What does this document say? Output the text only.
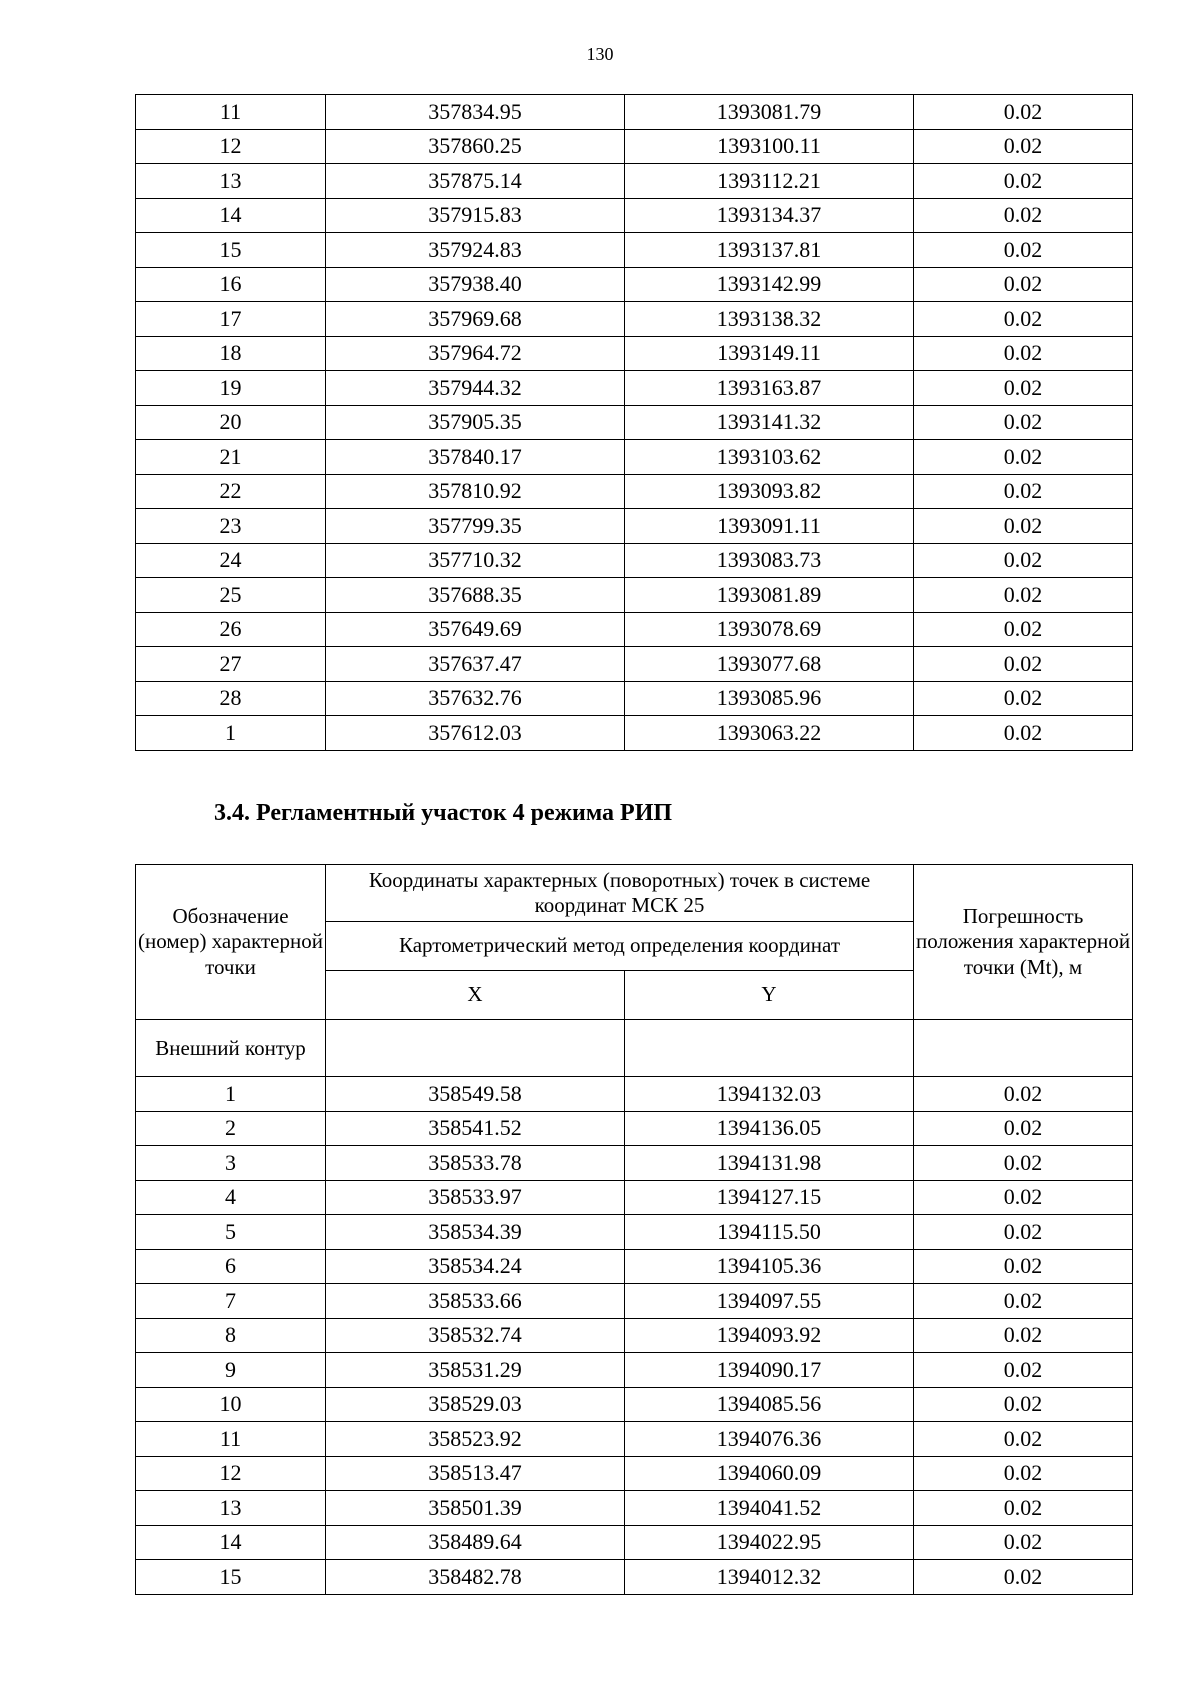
130
11	357834.95	1393081.79	0.02
12	357860.25	1393100.11	0.02
13	357875.14	1393112.21	0.02
14	357915.83	1393134.37	0.02
15	357924.83	1393137.81	0.02
16	357938.40	1393142.99	0.02
17	357969.68	1393138.32	0.02
18	357964.72	1393149.11	0.02
19	357944.32	1393163.87	0.02
20	357905.35	1393141.32	0.02
21	357840.17	1393103.62	0.02
22	357810.92	1393093.82	0.02
23	357799.35	1393091.11	0.02
24	357710.32	1393083.73	0.02
25	357688.35	1393081.89	0.02
26	357649.69	1393078.69	0.02
27	357637.47	1393077.68	0.02
28	357632.76	1393085.96	0.02
1	357612.03	1393063.22	0.02
3.4. Регламентный участок 4 режима РИП
Обозначение (номер) характерной точки	Координаты характерных (поворотных) точек в системе координат МСК 25		Погрешность положения характерной точки (Mt), м
	Картометрический метод определения координат		
	X	Y	
Внешний контур			
1	358549.58	1394132.03	0.02
2	358541.52	1394136.05	0.02
3	358533.78	1394131.98	0.02
4	358533.97	1394127.15	0.02
5	358534.39	1394115.50	0.02
6	358534.24	1394105.36	0.02
7	358533.66	1394097.55	0.02
8	358532.74	1394093.92	0.02
9	358531.29	1394090.17	0.02
10	358529.03	1394085.56	0.02
11	358523.92	1394076.36	0.02
12	358513.47	1394060.09	0.02
13	358501.39	1394041.52	0.02
14	358489.64	1394022.95	0.02
15	358482.78	1394012.32	0.02
